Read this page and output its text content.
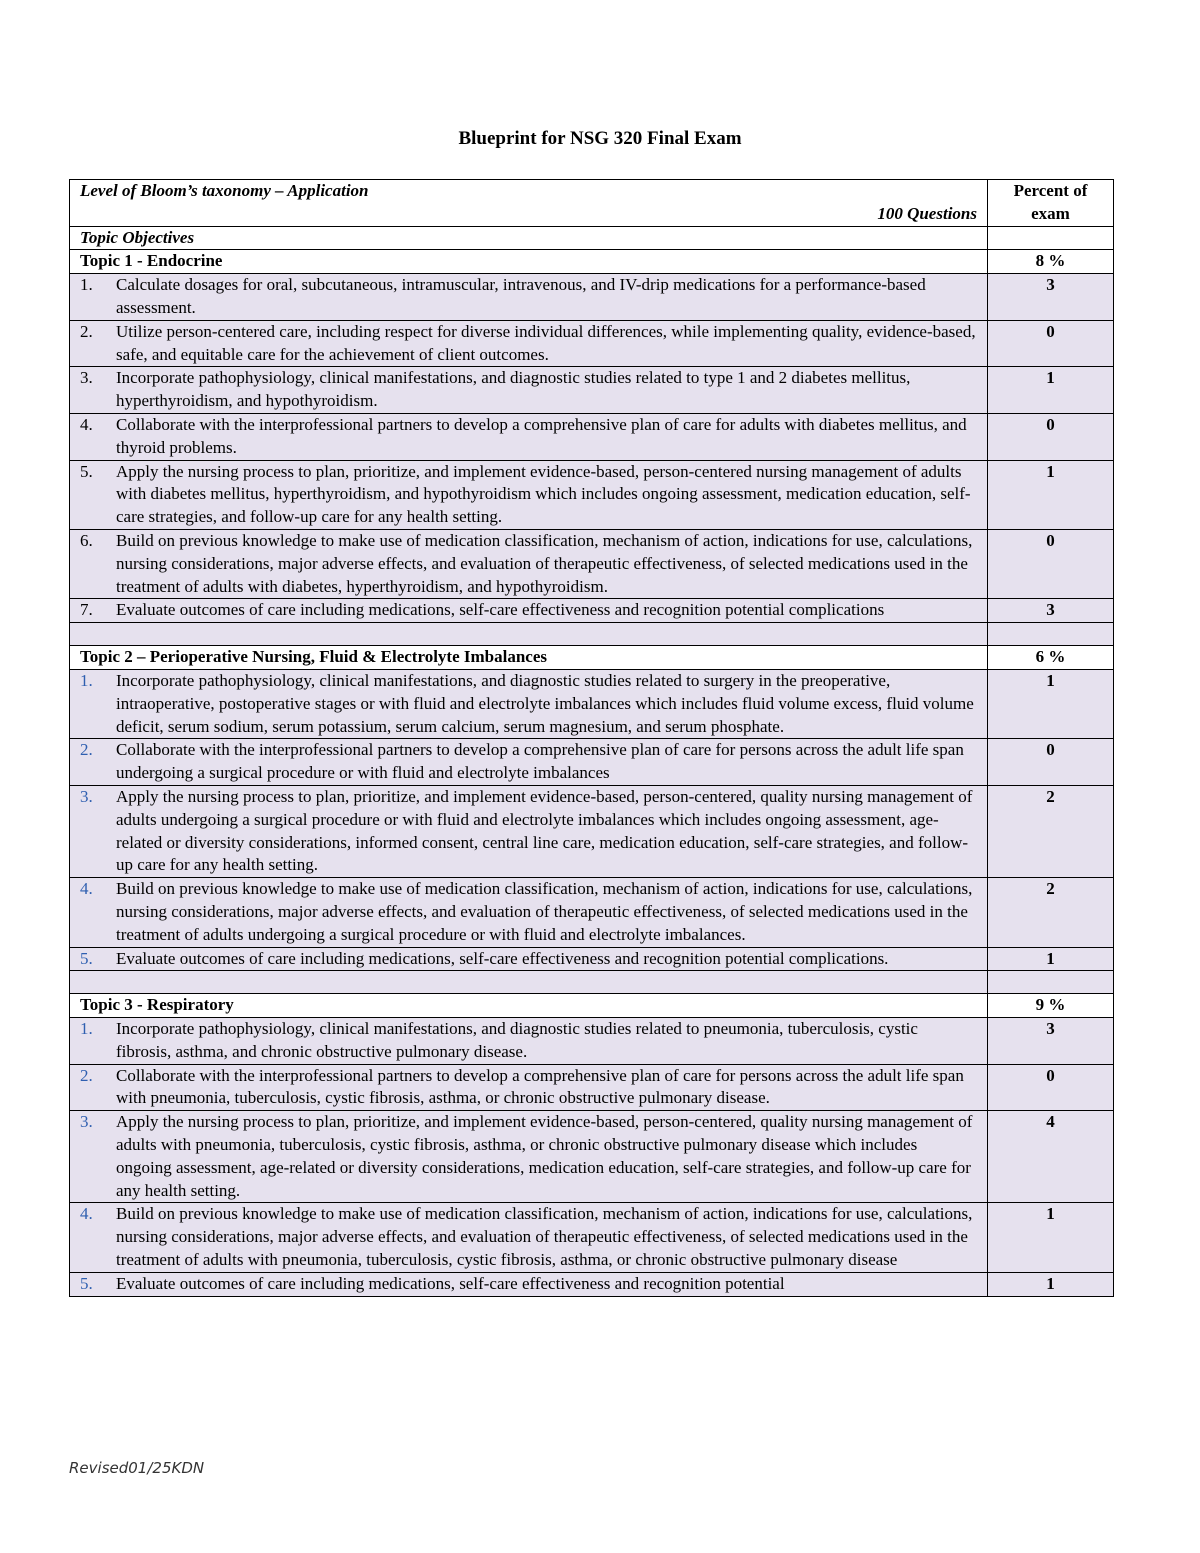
Blueprint for NSG 320 Final Exam
Level of Bloom’s taxonomy – Application
100 Questions	Percent of exam
Topic Objectives	
Topic 1 - Endocrine	8 %

1. Calculate dosages for oral, subcutaneous, intramuscular, intravenous, and IV-drip medications for a performance-based assessment.	3

2. Utilize person-centered care, including respect for diverse individual differences, while implementing quality, evidence-based, safe, and equitable care for the achievement of client outcomes.	0

3. Incorporate pathophysiology, clinical manifestations, and diagnostic studies related to type 1 and 2 diabetes mellitus, hyperthyroidism, and hypothyroidism.	1

4. Collaborate with the interprofessional partners to develop a comprehensive plan of care for adults with diabetes mellitus, and thyroid problems.	0

5. Apply the nursing process to plan, prioritize, and implement evidence-based, person-centered nursing management of adults with diabetes mellitus, hyperthyroidism, and hypothyroidism which includes ongoing assessment, medication education, self-care strategies, and follow-up care for any health setting.	1

6. Build on previous knowledge to make use of medication classification, mechanism of action, indications for use, calculations, nursing considerations, major adverse effects, and evaluation of therapeutic effectiveness, of selected medications used in the treatment of adults with diabetes, hyperthyroidism, and hypothyroidism.	0

7. Evaluate outcomes of care including medications, self-care effectiveness and recognition potential complications	3

Topic 2 – Perioperative Nursing, Fluid & Electrolyte Imbalances	6 %

1. Incorporate pathophysiology, clinical manifestations, and diagnostic studies related to surgery in the preoperative, intraoperative, postoperative stages or with fluid and electrolyte imbalances which includes fluid volume excess, fluid volume deficit, serum sodium, serum potassium, serum calcium, serum magnesium, and serum phosphate.	1

2. Collaborate with the interprofessional partners to develop a comprehensive plan of care for persons across the adult life span undergoing a surgical procedure or with fluid and electrolyte imbalances	0

3. Apply the nursing process to plan, prioritize, and implement evidence-based, person-centered, quality nursing management of adults undergoing a surgical procedure or with fluid and electrolyte imbalances which includes ongoing assessment, age-related or diversity considerations, informed consent, central line care, medication education, self-care strategies, and follow-up care for any health setting.	2

4. Build on previous knowledge to make use of medication classification, mechanism of action, indications for use, calculations, nursing considerations, major adverse effects, and evaluation of therapeutic effectiveness, of selected medications used in the treatment of adults undergoing a surgical procedure or with fluid and electrolyte imbalances.	2

5. Evaluate outcomes of care including medications, self-care effectiveness and recognition potential complications.	1

Topic 3 - Respiratory	9 %

1. Incorporate pathophysiology, clinical manifestations, and diagnostic studies related to pneumonia, tuberculosis, cystic fibrosis, asthma, and chronic obstructive pulmonary disease.	3

2. Collaborate with the interprofessional partners to develop a comprehensive plan of care for persons across the adult life span with pneumonia, tuberculosis, cystic fibrosis, asthma, or chronic obstructive pulmonary disease.	0

3. Apply the nursing process to plan, prioritize, and implement evidence-based, person-centered, quality nursing management of adults with pneumonia, tuberculosis, cystic fibrosis, asthma, or chronic obstructive pulmonary disease which includes ongoing assessment, age-related or diversity considerations, medication education, self-care strategies, and follow-up care for any health setting.	4

4. Build on previous knowledge to make use of medication classification, mechanism of action, indications for use, calculations, nursing considerations, major adverse effects, and evaluation of therapeutic effectiveness, of selected medications used in the treatment of adults with pneumonia, tuberculosis, cystic fibrosis, asthma, or chronic obstructive pulmonary disease	1

5. Evaluate outcomes of care including medications, self-care effectiveness and recognition potential	1
Revised01/25KDN
